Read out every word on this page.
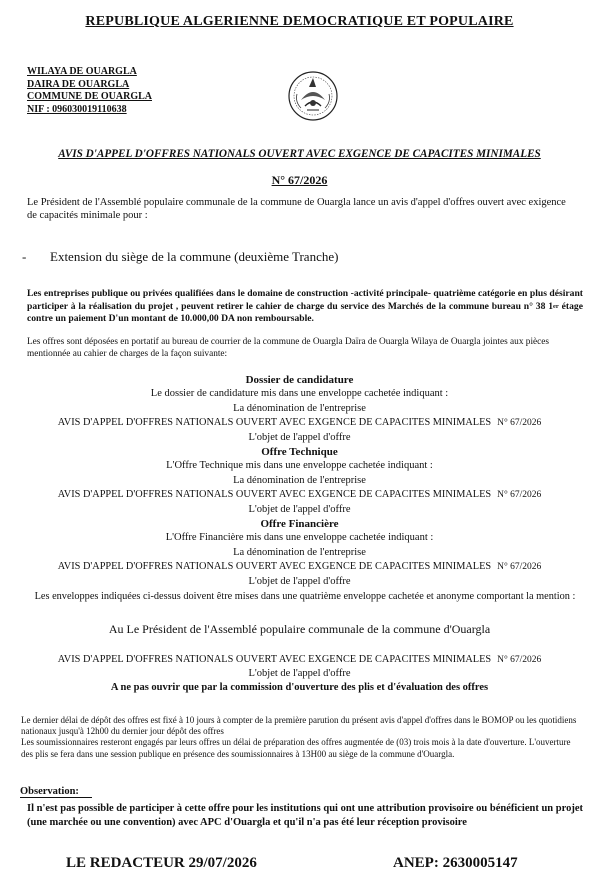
REPUBLIQUE ALGERIENNE DEMOCRATIQUE ET POPULAIRE
WILAYA DE OUARGLA
DAIRA DE OUARGLA
COMMUNE DE OUARGLA
NIF : 096030019110638
AVIS D'APPEL D'OFFRES NATIONALS OUVERT AVEC EXGENCE DE CAPACITES MINIMALES
N° 67/2026
Le Président de l'Assemblé populaire communale de la commune de Ouargla lance un avis d'appel d'offres ouvert avec exigence de capacités minimale pour :
- Extension du siège de la commune (deuxième Tranche)
Les entreprises publique ou privées qualifiées dans le domaine de construction -activité principale- quatrième catégorie en plus désirant participer à la réalisation du projet , peuvent retirer le cahier de charge du service des Marchés de la commune bureau n° 38 1er étage contre un paiement D'un montant de 10.000,00 DA non remboursable.
Les offres sont déposées en portatif au bureau de courrier de la commune de Ouargla Daïra de Ouargla Wilaya de Ouargla jointes aux pièces mentionnée au cahier de charges de la façon suivante:
Dossier de candidature
Le dossier de candidature mis dans une enveloppe cachetée indiquant :
La dénomination de l'entreprise
AVIS D'APPEL D'OFFRES NATIONALS OUVERT AVEC EXGENCE DE CAPACITES MINIMALES N° 67/2026
L'objet de l'appel d'offre
Offre Technique
L'Offre Technique mis dans une enveloppe cachetée indiquant :
La dénomination de l'entreprise
AVIS D'APPEL D'OFFRES NATIONALS OUVERT AVEC EXGENCE DE CAPACITES MINIMALES N° 67/2026
L'objet de l'appel d'offre
Offre Financière
L'Offre Financière mis dans une enveloppe cachetée indiquant :
La dénomination de l'entreprise
AVIS D'APPEL D'OFFRES NATIONALS OUVERT AVEC EXGENCE DE CAPACITES MINIMALES N° 67/2026
L'objet de l'appel d'offre
Les enveloppes indiquées ci-dessus doivent être mises dans une quatrième enveloppe cachetée et anonyme comportant la mention :
Au Le Président de l'Assemblé populaire communale de la commune d'Ouargla
AVIS D'APPEL D'OFFRES NATIONALS OUVERT AVEC EXGENCE DE CAPACITES MINIMALES N° 67/2026
L'objet de l'appel d'offre
A ne pas ouvrir que par la commission d'ouverture des plis et d'évaluation des offres
Le dernier délai de dépôt des offres est fixé à 10 jours à compter de la première parution du présent avis d'appel d'offres dans le BOMOP ou les quotidiens nationaux jusqu'à 12h00 du dernier jour dépôt des offres
Les soumissionnaires resteront engagés par leurs offres un délai de préparation des offres augmentée de (03) trois mois à la date d'ouverture. L'ouverture des plis se fera dans une session publique en présence des soumissionnaires à 13H00 au siège de la commune d'Ouargla.
Observation:
Il n'est pas possible de participer à cette offre pour les institutions qui ont une attribution provisoire ou bénéficient un projet (une marchée ou une convention) avec APC d'Ouargla et qu'il n'a pas été leur réception provisoire
LE REDACTEUR 29/07/2026	ANEP: 2630005147
